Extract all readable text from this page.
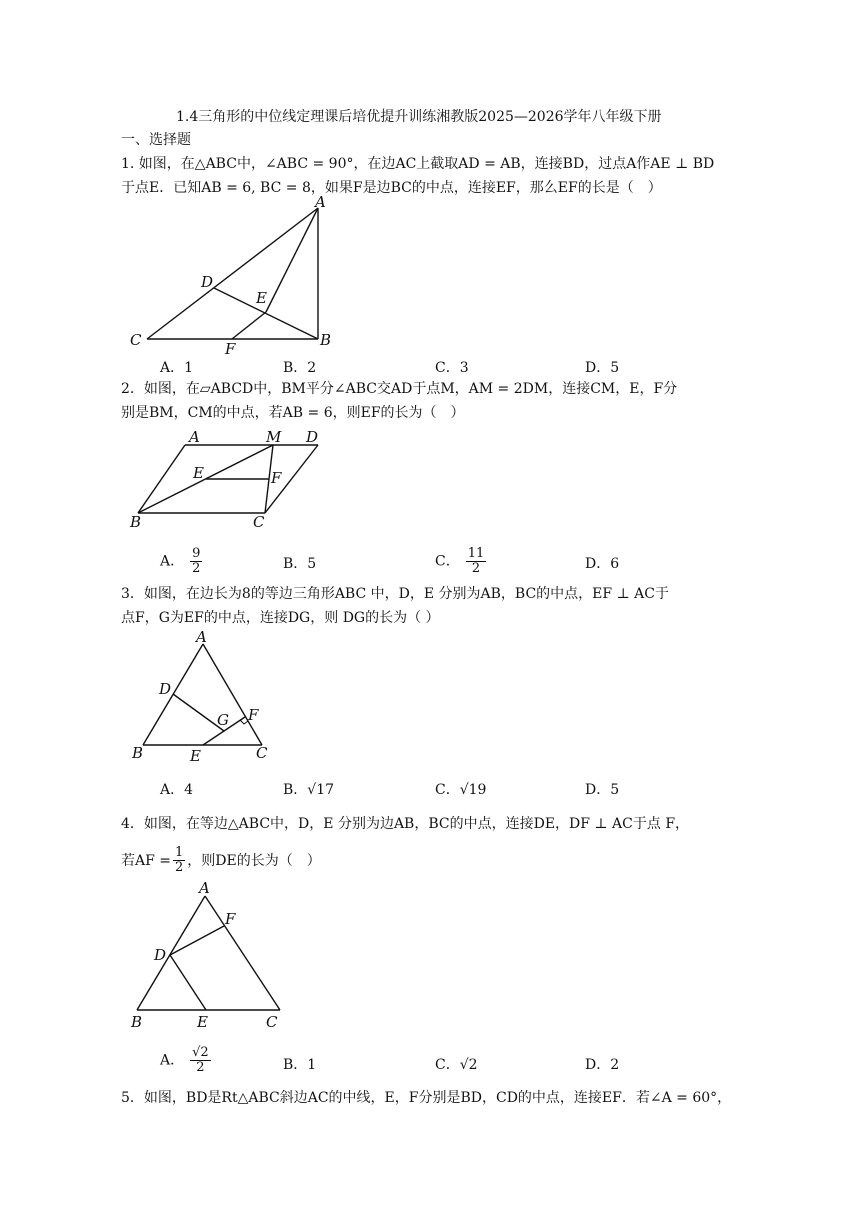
1.4三角形的中位线定理课后培优提升训练湘教版2025—2026学年八年级下册
一、选择题
1. 如图，在△ABC中，∠ABC = 90°，在边AC上截取AD = AB，连接BD，过点A作AE ⊥ BD
于点E．已知AB = 6, BC = 8，如果F是边BC的中点，连接EF，那么EF的长是（　）
A
D
E
C	F	B
A．1	B．2	C．3	D．5
2．如图，在▱ABCD中，BM平分∠ABC交AD于点M，AM = 2DM，连接CM，E，F分
别是BM，CM的中点，若AB = 6，则EF的长为（　）
A	M D
E	F
B	C
A． $\frac{9}{2}$	B．5	C． $\frac{11}{2}$	D．6
3．如图，在边长为8的等边三角形ABC 中，D，E 分别为AB，BC的中点，EF ⊥ AC于
点F，G为EF的中点，连接DG，则 DG的长为（ ）
A
D
G F
B	E	C
A．4	B．√17	C．√19	D．5
4．如图，在等边△ABC中，D，E 分别为边AB，BC的中点，连接DE，DF ⊥ AC于点 F，
若AF = $\frac{1}{2}$ ，则DE的长为（　）
A
F
D
B	E	C
A． $\frac{√2}{2}$	B．1	C．√2	D．2
5．如图，BD是Rt△ABC斜边AC的中线，E，F分别是BD，CD的中点，连接EF．若∠A = 60°，
